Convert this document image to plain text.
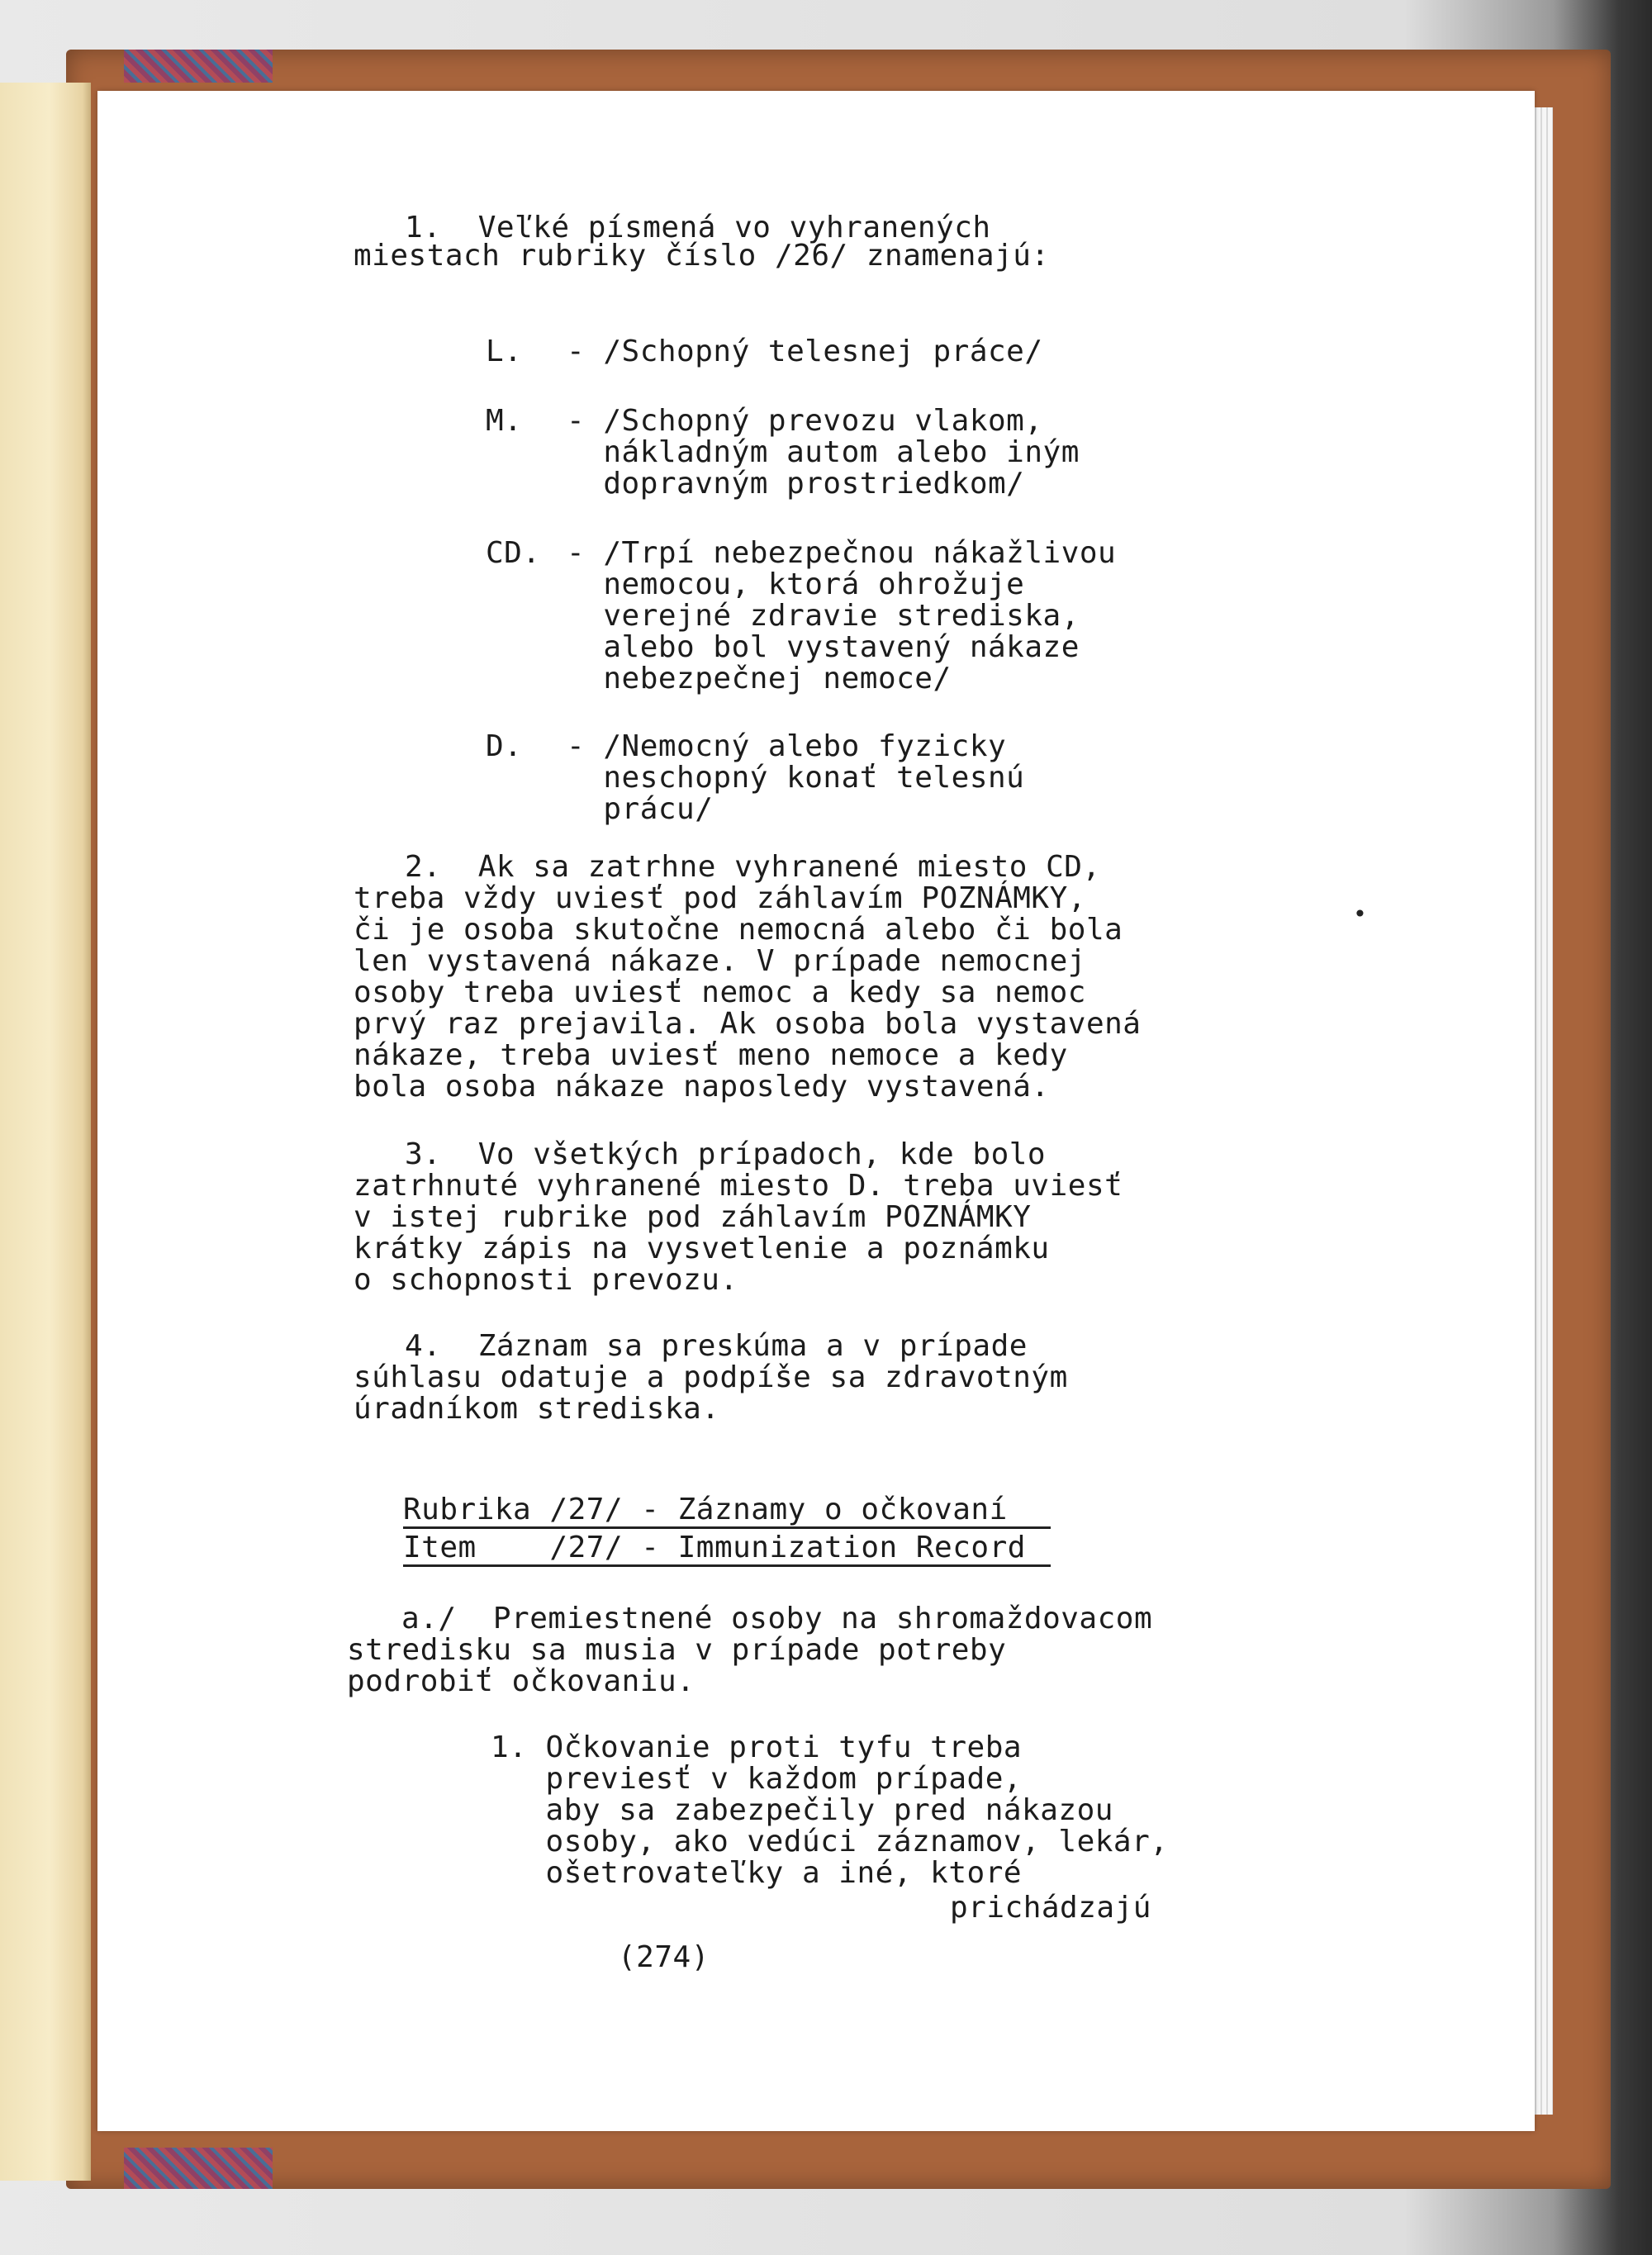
1.  Veľké písmená vo vyhranených

miestach rubriky číslo /26/ znamenajú:

L. - /Schopný telesnej práce/

M. - /Schopný prevozu vlakom,

nákladným autom alebo iným

dopravným prostriedkom/

CD. - /Trpí nebezpečnou nákažlivou

nemocou, ktorá ohrožuje

verejné zdravie strediska,

alebo bol vystavený nákaze

nebezpečnej nemoce/

D. - /Nemocný alebo fyzicky

neschopný konať telesnú

prácu/

2.  Ak sa zatrhne vyhranené miesto CD,

treba vždy uviesť pod záhlavím POZNÁMKY,

či je osoba skutočne nemocná alebo či bola

len vystavená nákaze. V prípade nemocnej

osoby treba uviesť nemoc a kedy sa nemoc

prvý raz prejavila. Ak osoba bola vystavená

nákaze, treba uviesť meno nemoce a kedy

bola osoba nákaze naposledy vystavená.

3.  Vo všetkých prípadoch, kde bolo

zatrhnuté vyhranené miesto D. treba uviesť

v istej rubrike pod záhlavím POZNÁMKY

krátky zápis na vysvetlenie a poznámku

o schopnosti prevozu.

4.  Záznam sa preskúma a v prípade

súhlasu odatuje a podpíše sa zdravotným

úradníkom strediska.

Rubrika /27/ - Záznamy o očkovaní

Item    /27/ - Immunization Record

a./  Premiestnené osoby na shromaždovacom

stredisku sa musia v prípade potreby

podrobiť očkovaniu.

1. Očkovanie proti tyfu treba

previesť v každom prípade,

aby sa zabezpečily pred nákazou

osoby, ako vedúci záznamov, lekár,

ošetrovateľky a iné, ktoré

prichádzajú

(274)

•
